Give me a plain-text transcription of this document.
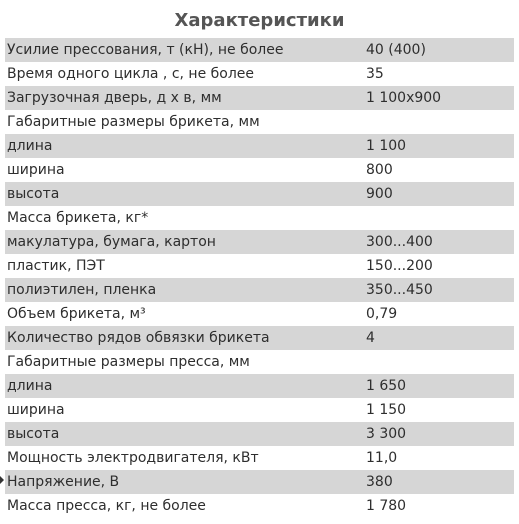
Характеристики
Усилие прессования, т (кН), не более	40 (400)
Время одного цикла , с, не более	35
Загрузочная дверь, д х в, мм	1 100х900
Габаритные размеры брикета, мм	
длина	1 100
ширина	800
высота	900
Масса брикета, кг*	
макулатура, бумага, картон	300...400
пластик, ПЭТ	150...200
полиэтилен, пленка	350...450
Объем брикета, м³	0,79
Количество рядов обвязки брикета	4
Габаритные размеры пресса, мм	
длина	1 650
ширина	1 150
высота	3 300
Мощность электродвигателя, кВт	11,0
Напряжение, В	380
Масса пресса, кг, не более	1 780
